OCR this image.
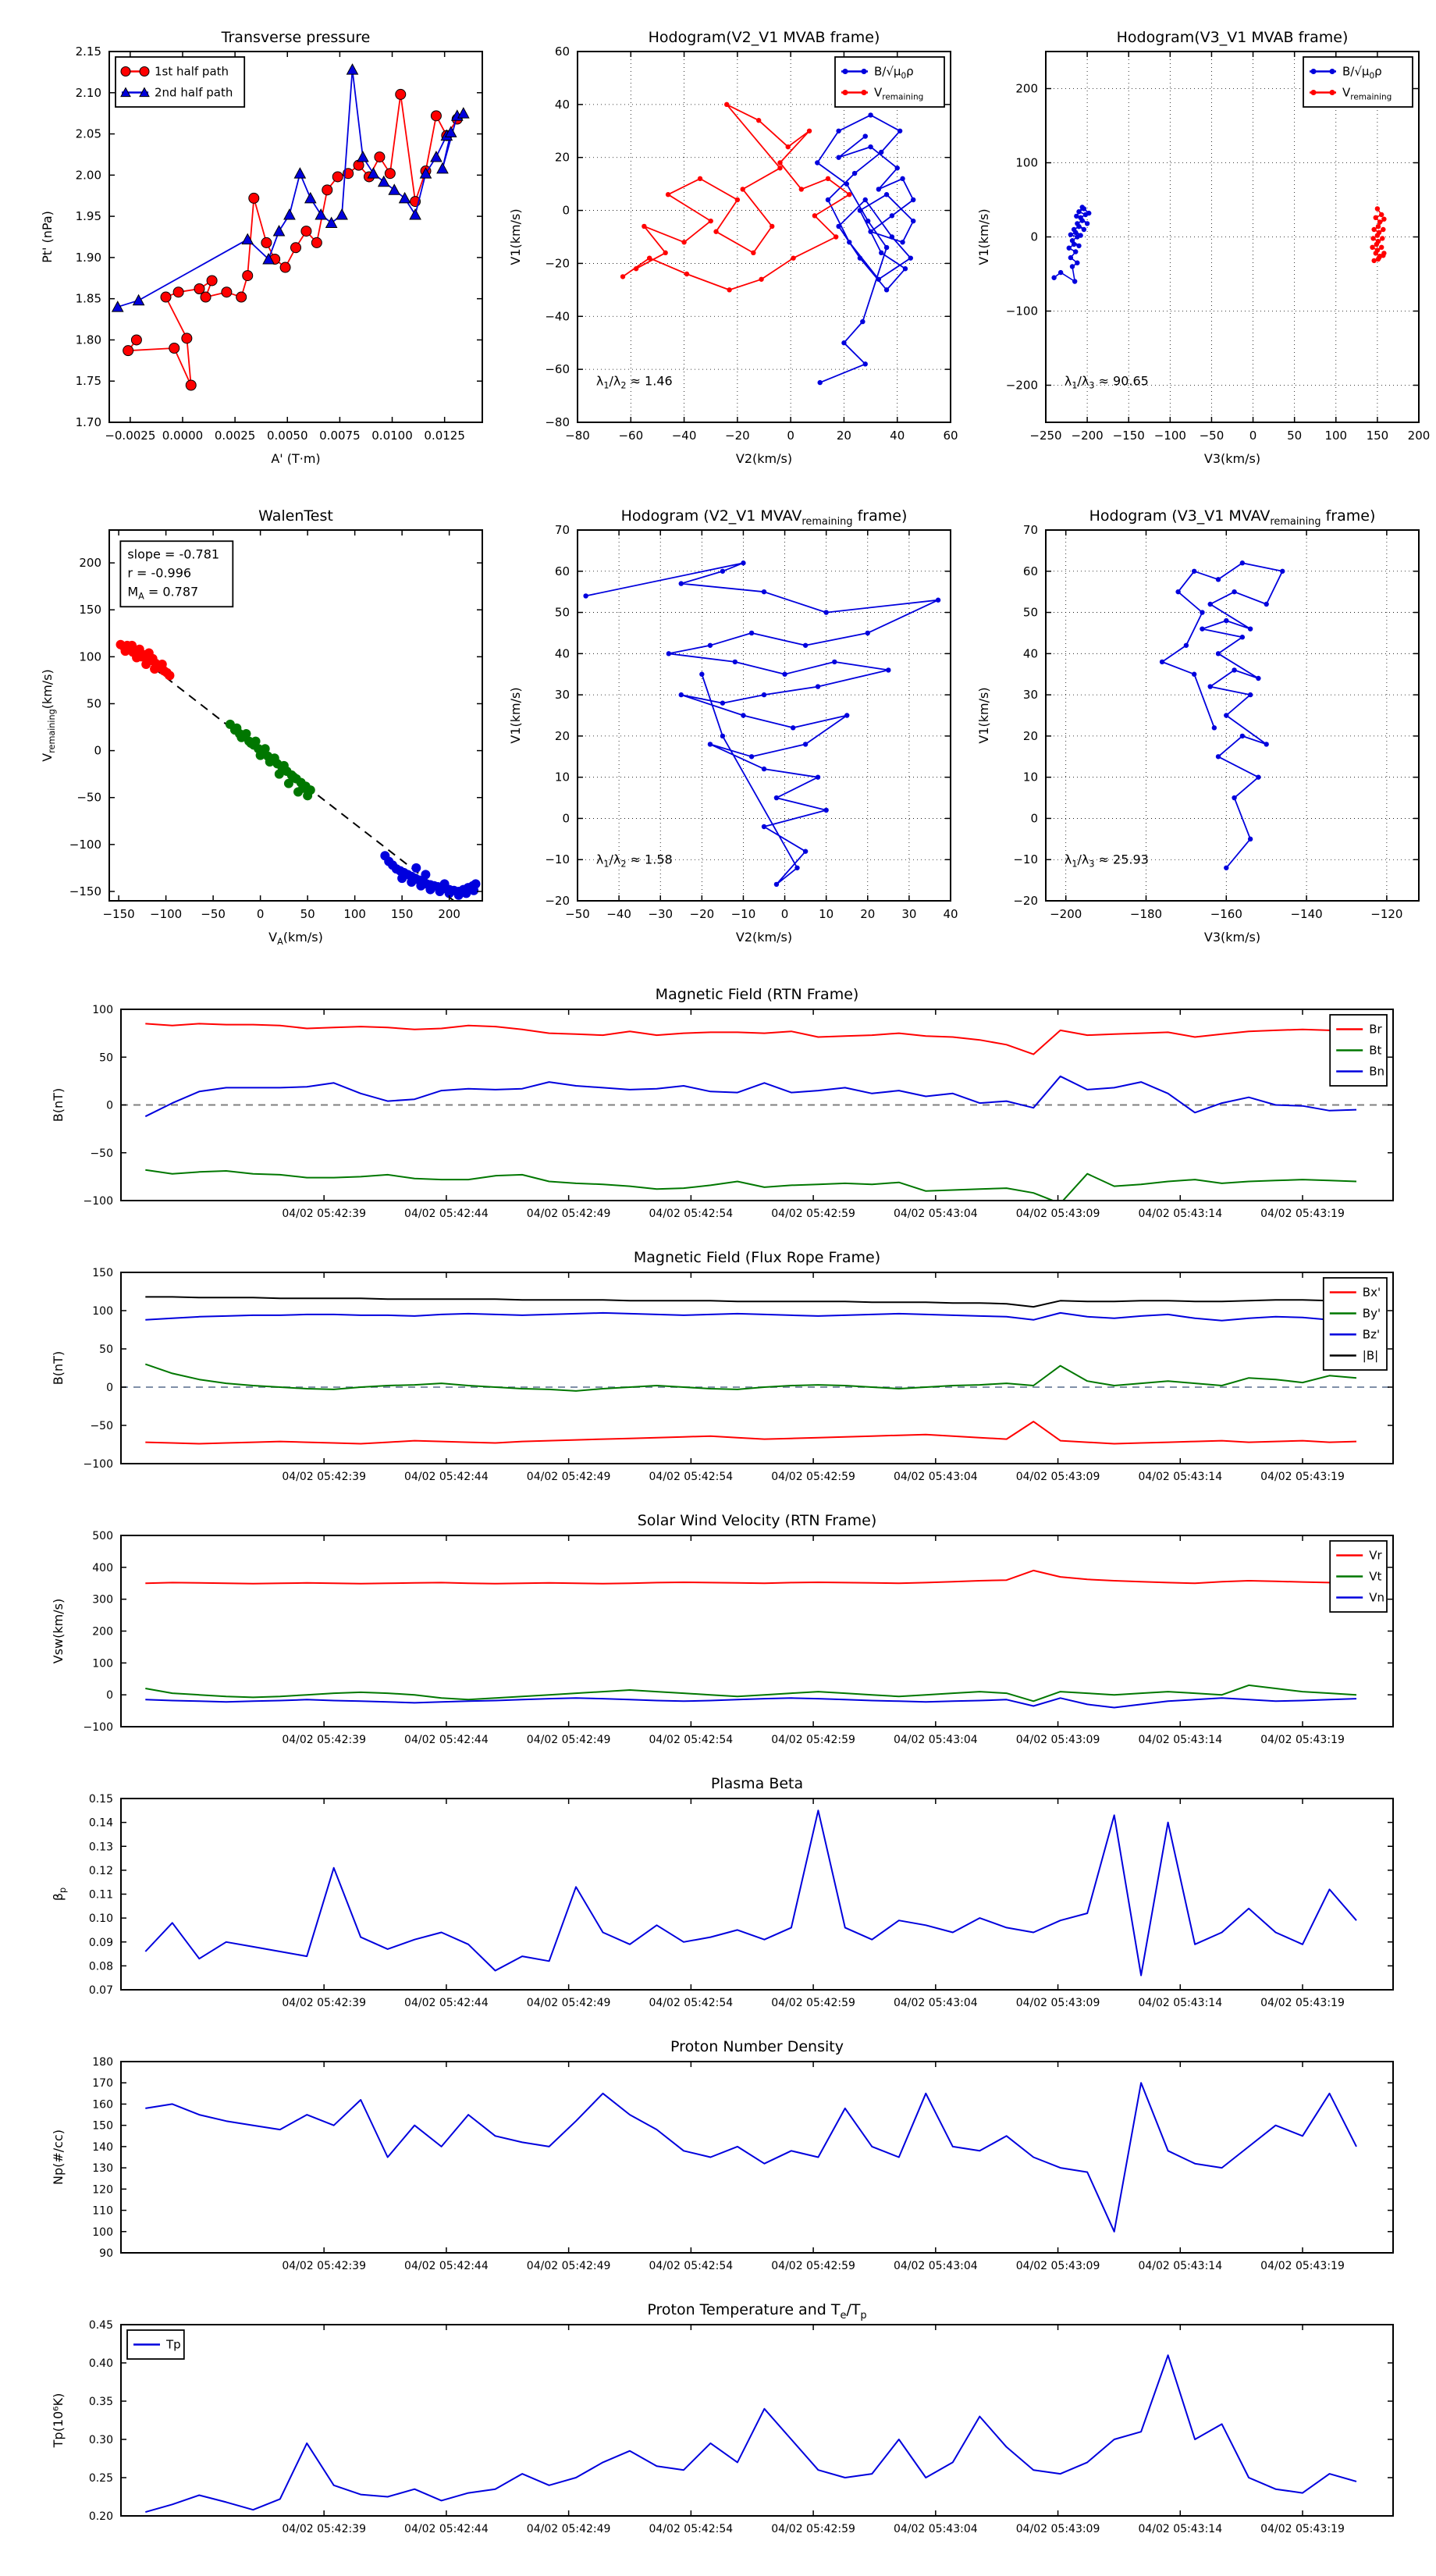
Transverse pressure
−0.0025 0.0000 0.0025 0.0050 0.0075 0.0100 0.0125
1.70
1.75
1.80
1.85
1.90
1.95
2.00
2.05
2.10
2.15
A' (T·m)
Pt' (nPa)
1st half path
2nd half path
Hodogram(V2_V1 MVAB frame)
−80 −60 −40 −20	0	20	40	60
−80
−60
−40
−20
0
20
40
60
V2(km/s)
V1(km/s)
$\lambda_1/\lambda_2 \approx 1.46$
$B/√\mu_0\rho$
$V_{remaining}$
Hodogram(V3_V1 MVAB frame)
−250 −200 −150 −100 −50 0	50 100 150 200
−200
−100
0
100
200
V3(km/s)
V1(km/s)
$\lambda_1/\lambda_3 \approx 90.65$
$B/√\mu_0\rho$
$V_{remaining}$
WalenTest
−150 −100 −50	0	50 100 150 200
−150
−100
−50
0
50
100
150
200
$V_A(km/s)$
$V_{remaining}(km/s)$
slope = -0.781
r = -0.996
$M_A = 0.787$
Hodogram (V2_V1 $MVAV_{remaining}$ frame)
−50 −40 −30 −20 −10 0	10 20 30 40
−20
−10
0
10
20
30
40
50
60
70
V2(km/s)
V1(km/s)
$\lambda_1/\lambda_2 \approx 1.58$
Hodogram (V3_V1 $MVAV_{remaining}$ frame)
−200	−180	−160	−140	−120
−20
−10
0
10
20
30
40
50
60
70
V3(km/s)
V1(km/s)
$\lambda_1/\lambda_3 \approx 25.93$
Magnetic Field (RTN Frame)
04/02 05:42:39	04/02 05:42:44	04/02 05:42:49	04/02 05:42:54	04/02 05:42:59	04/02 05:43:04	04/02 05:43:09	04/02 05:43:14	04/02 05:43:19
−100
−50
0
50
100
B(nT)
Br
Bt
Bn
Magnetic Field (Flux Rope Frame)
04/02 05:42:39	04/02 05:42:44	04/02 05:42:49	04/02 05:42:54	04/02 05:42:59	04/02 05:43:04	04/02 05:43:09	04/02 05:43:14	04/02 05:43:19
−100
−50
0
50
100
150
B(nT)
Bx'
By'
Bz'
|B|
Solar Wind Velocity (RTN Frame)
04/02 05:42:39	04/02 05:42:44	04/02 05:42:49	04/02 05:42:54	04/02 05:42:59	04/02 05:43:04	04/02 05:43:09	04/02 05:43:14	04/02 05:43:19
−100
0
100
200
300
400
500
Vsw(km/s)
Vr
Vt
Vn
Plasma Beta
04/02 05:42:39	04/02 05:42:44	04/02 05:42:49	04/02 05:42:54	04/02 05:42:59	04/02 05:43:04	04/02 05:43:09	04/02 05:43:14	04/02 05:43:19
0.07
0.08
0.09
0.10
0.11
0.12
0.13
0.14
0.15
$\beta_p$
Proton Number Density
04/02 05:42:39	04/02 05:42:44	04/02 05:42:49	04/02 05:42:54	04/02 05:42:59	04/02 05:43:04	04/02 05:43:09	04/02 05:43:14	04/02 05:43:19
90
100
110
120
130
140
150
160
170
180
Np(#/cc)
Proton Temperature and $T_e/T_p$
04/02 05:42:39	04/02 05:42:44	04/02 05:42:49	04/02 05:42:54	04/02 05:42:59	04/02 05:43:04	04/02 05:43:09	04/02 05:43:14	04/02 05:43:19
0.20
0.25
0.30
0.35
0.40
0.45
Tp(10⁶K)
Tp
